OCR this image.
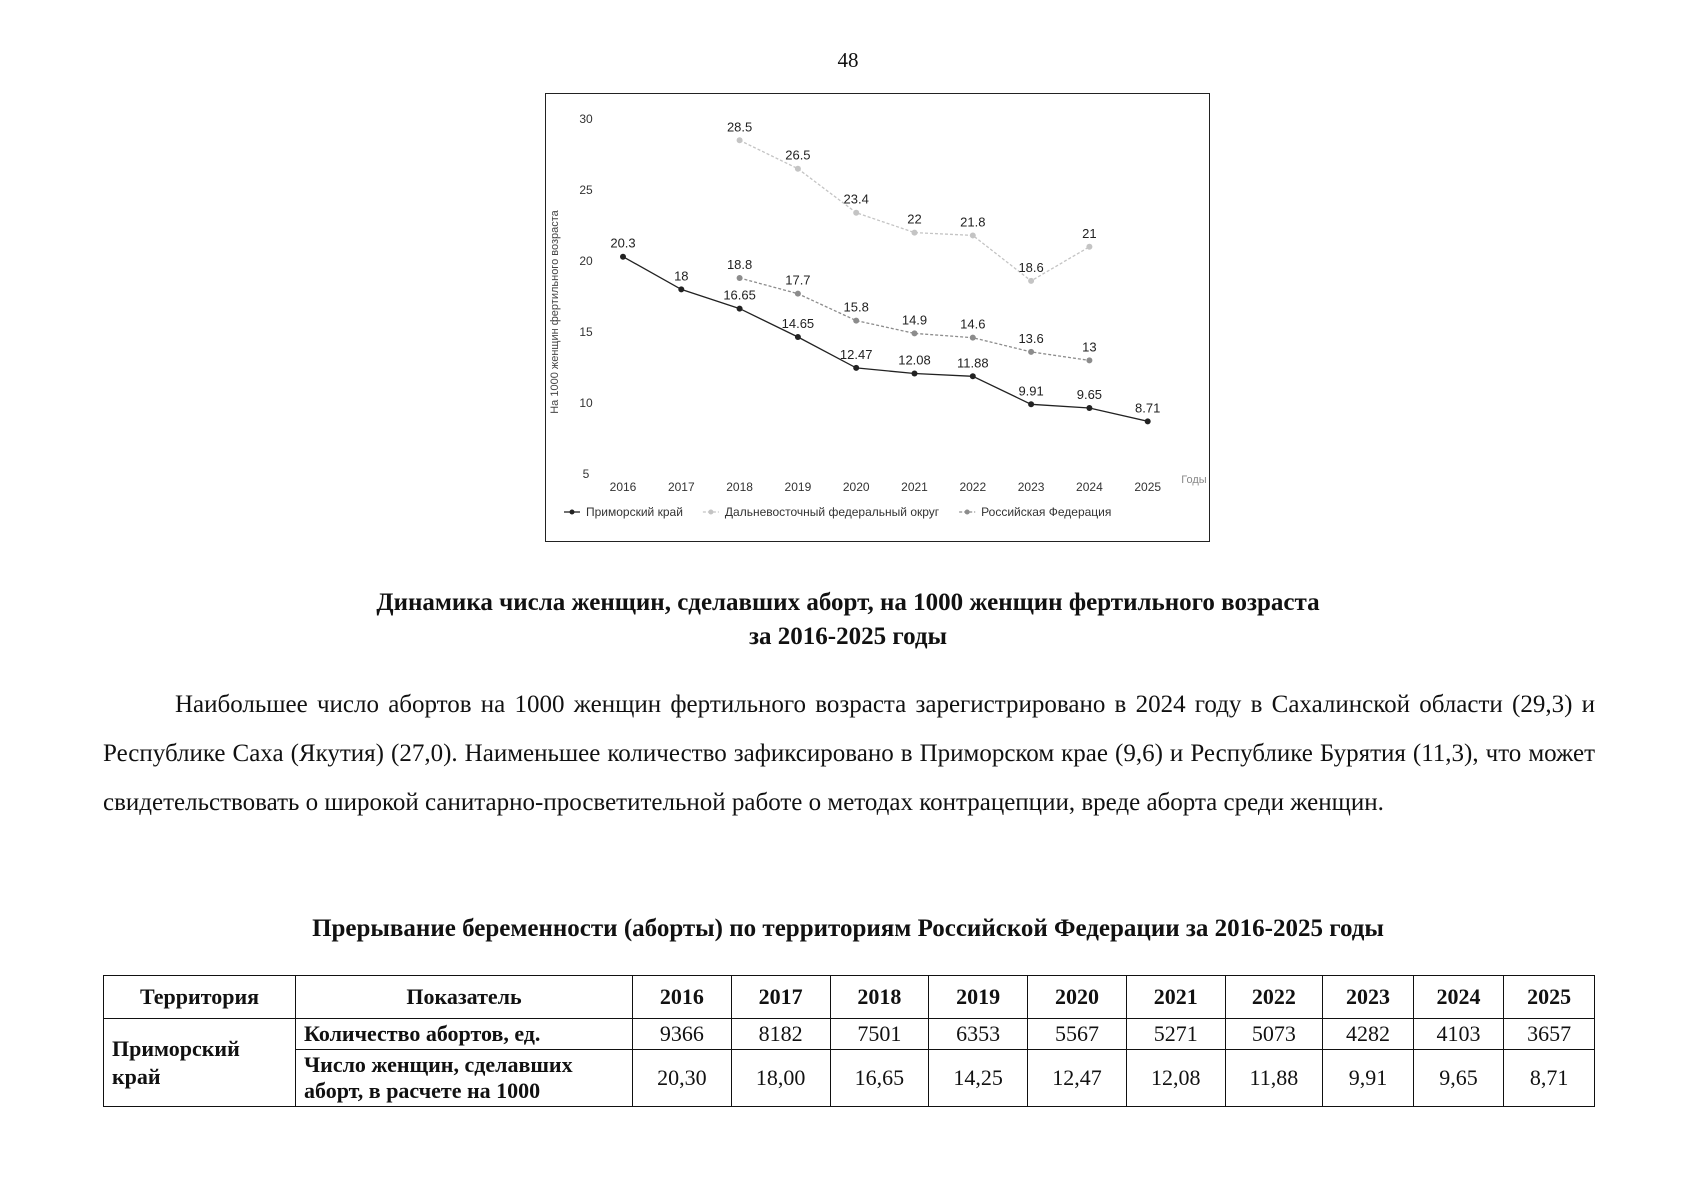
48
5
10
15
20
25
30
На 1000 женщин фертильного возраста
2016	2017	2018	2019	2020	2021	2022	2023	2024	2025 Годы
20.3
18
16.65
14.65
12.47 12.08 11.88
9.91	9.65
8.71
28.5
26.5
23.4
22	21.8
18.6
21
18.8
17.7
15.8
14.9	14.6
13.6
13
Приморский край	Дальневосточный федеральный округ	Российская Федерация
Динамика числа женщин, сделавших аборт, на 1000 женщин фертильного возраста
за 2016-2025 годы

Наибольшее число абортов на 1000 женщин фертильного возраста зарегистрировано в 2024 году в Сахалинской области (29,3) и Республике Саха (Якутия) (27,0). Наименьшее количество зафиксировано в Приморском крае (9,6) и Республике Бурятия (11,3), что может свидетельствовать о широкой санитарно-просветительной работе о методах контрацепции, вреде аборта среди женщин.

Прерывание беременности (аборты) по территориям Российской Федерации за 2016-2025 годы
Территория	Показатель	2016	2017	2018	2019	2020	2021	2022	2023	2024	2025
Приморский край	Количество абортов, ед.	9366	8182	7501	6353	5567	5271	5073	4282	4103	3657
	Число женщин, сделавших аборт, в расчете на 1000	20,30	18,00	16,65	14,25	12,47	12,08	11,88	9,91	9,65	8,71
